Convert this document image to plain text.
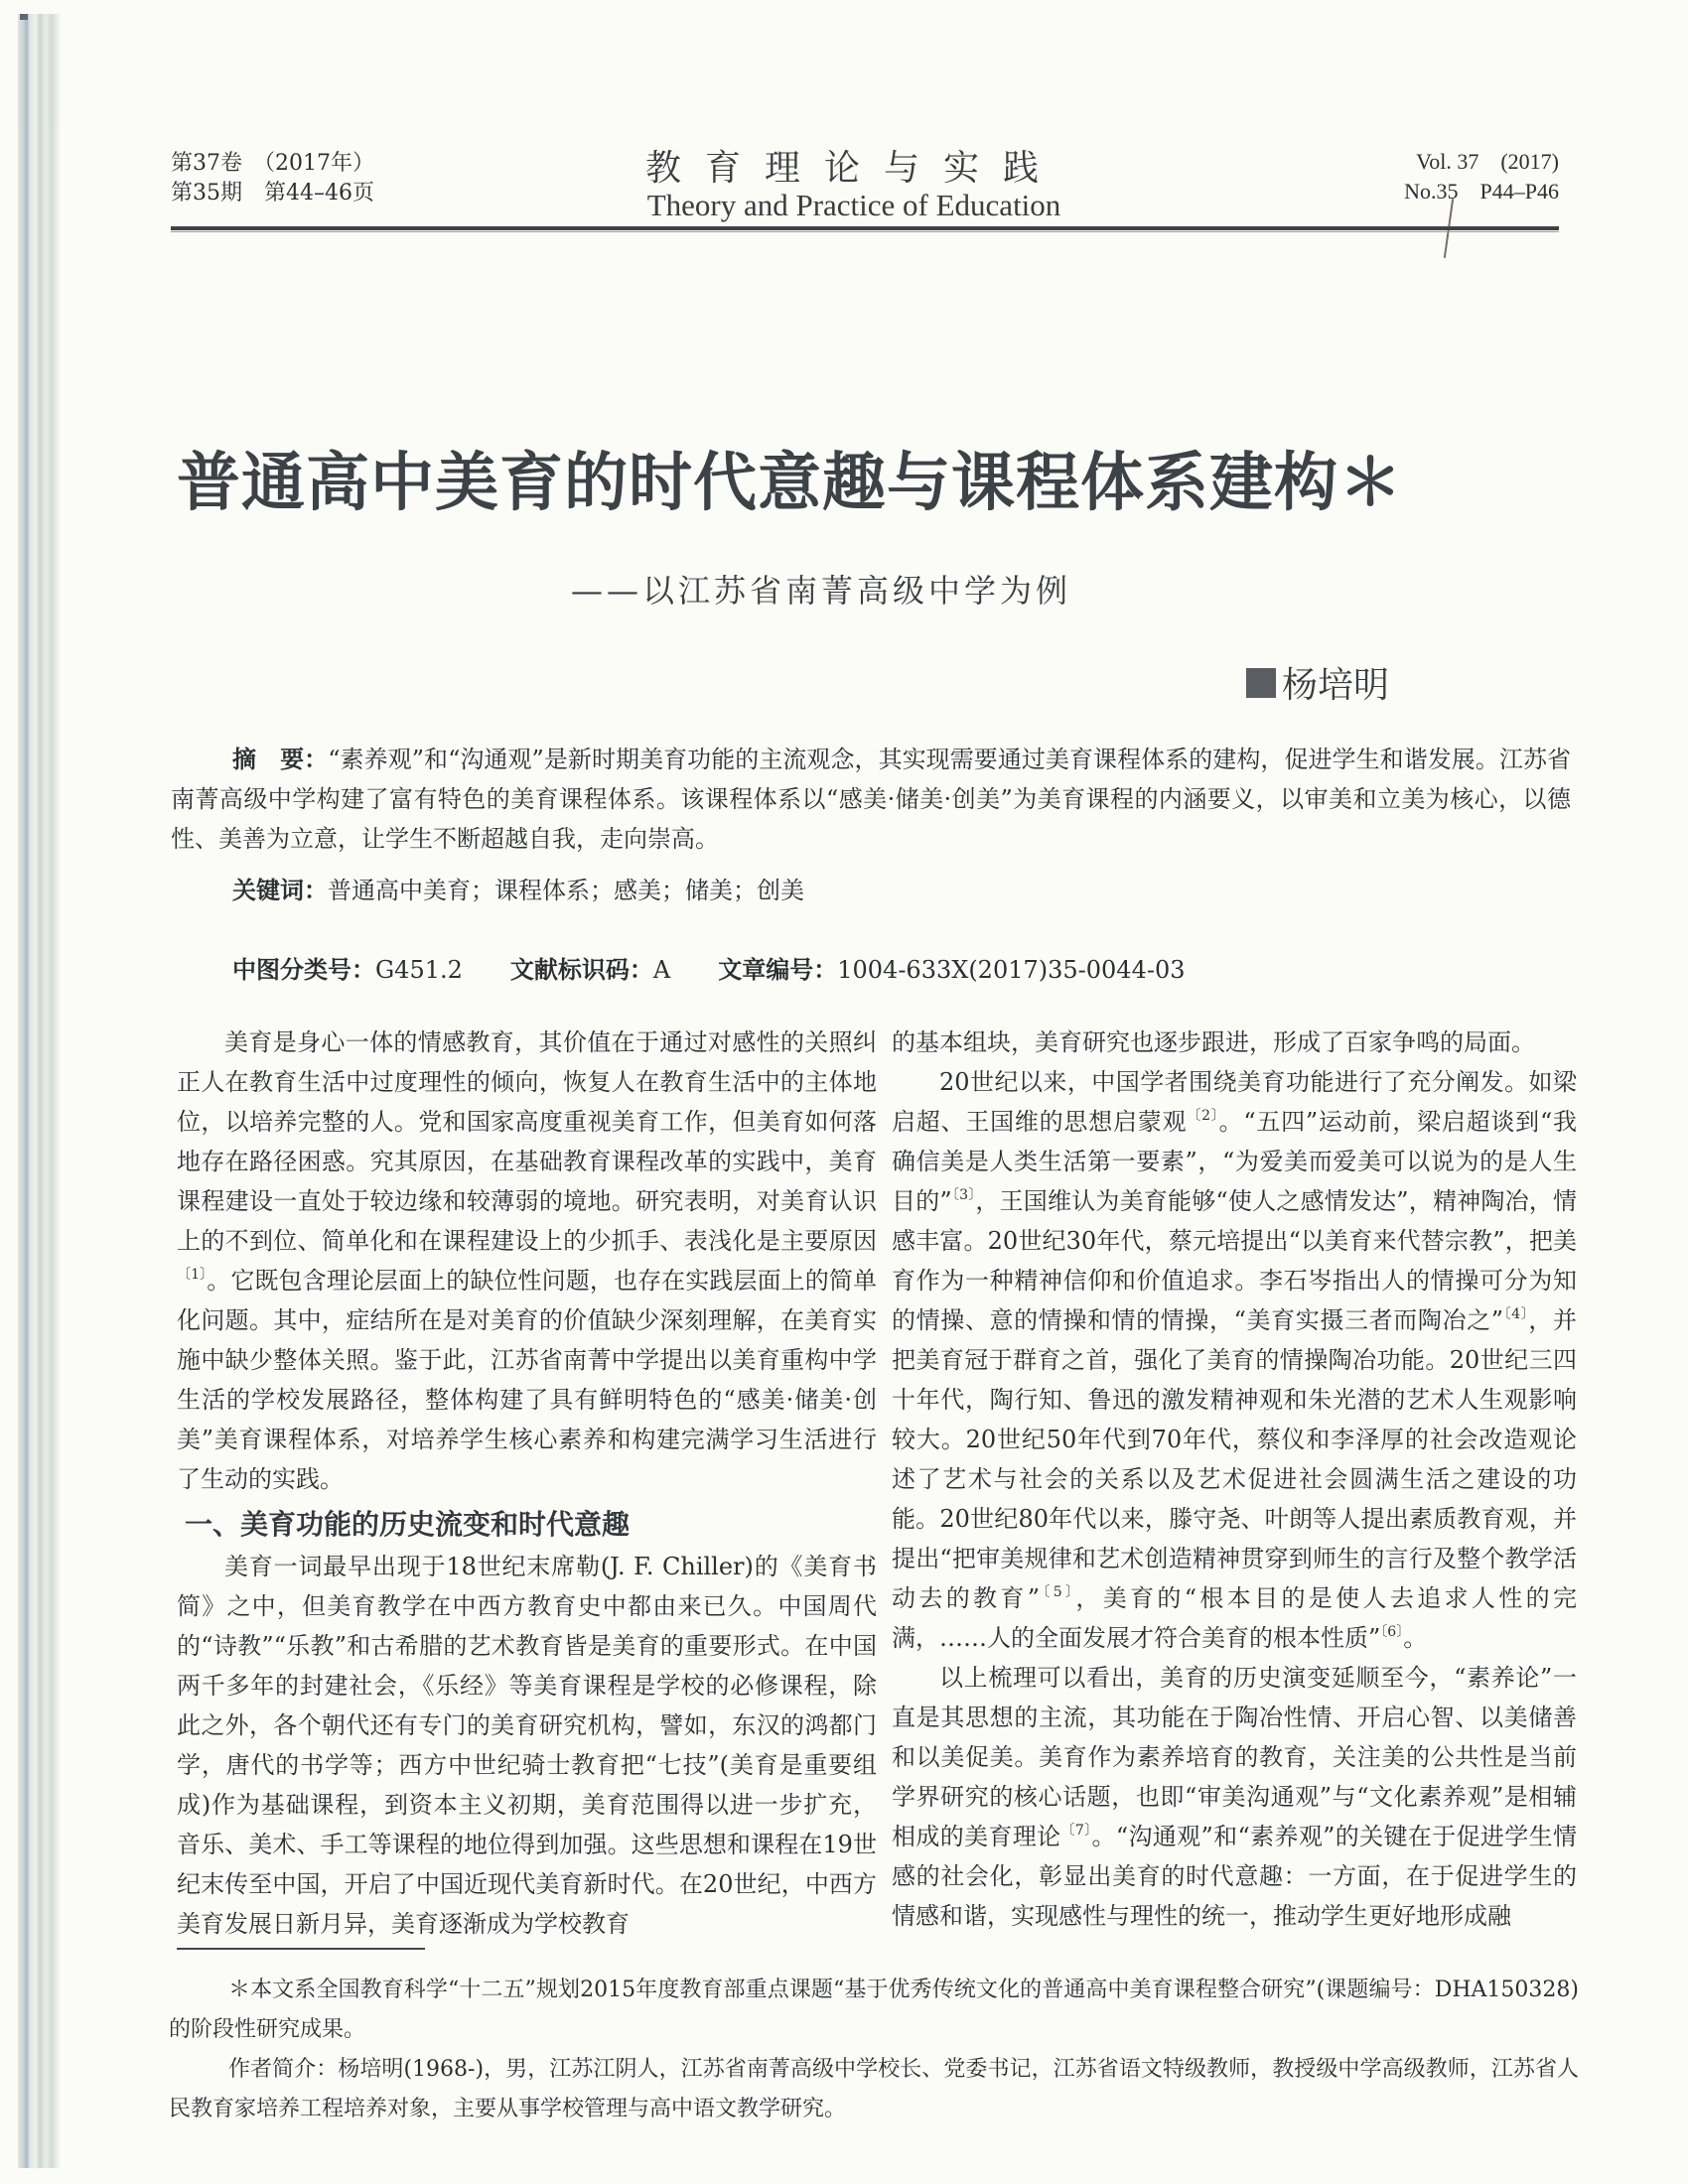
第37卷　（2017年）
第35期　第44–46页
教育理论与实践
Theory and Practice of Education
Vol. 37　(2017)
No.35　P44–P46
普通高中美育的时代意趣与课程体系建构＊
——以江苏省南菁高级中学为例
杨培明
摘　要：“素养观”和“沟通观”是新时期美育功能的主流观念，其实现需要通过美育课程体系的建构，促进学生和谐发展。江苏省南菁高级中学构建了富有特色的美育课程体系。该课程体系以“感美·储美·创美”为美育课程的内涵要义，以审美和立美为核心，以德性、美善为立意，让学生不断超越自我，走向崇高。
关键词：普通高中美育；课程体系；感美；储美；创美
中图分类号：G451.2 文献标识码：A 文章编号：1004-633X(2017)35-0044-03

美育是身心一体的情感教育，其价值在于通过对感性的关照纠正人在教育生活中过度理性的倾向，恢复人在教育生活中的主体地位，以培养完整的人。党和国家高度重视美育工作，但美育如何落地存在路径困惑。究其原因，在基础教育课程改革的实践中，美育课程建设一直处于较边缘和较薄弱的境地。研究表明，对美育认识上的不到位、简单化和在课程建设上的少抓手、表浅化是主要原因$^{〔1〕}$。它既包含理论层面上的缺位性问题，也存在实践层面上的简单化问题。其中，症结所在是对美育的价值缺少深刻理解，在美育实施中缺少整体关照。鉴于此，江苏省南菁中学提出以美育重构中学生活的学校发展路径，整体构建了具有鲜明特色的“感美·储美·创美”美育课程体系，对培养学生核心素养和构建完满学习生活进行了生动的实践。

一、美育功能的历史流变和时代意趣

美育一词最早出现于18世纪末席勒(J. F. Chiller)的《美育书简》之中，但美育教学在中西方教育史中都由来已久。中国周代的“诗教”“乐教”和古希腊的艺术教育皆是美育的重要形式。在中国两千多年的封建社会，《乐经》等美育课程是学校的必修课程，除此之外，各个朝代还有专门的美育研究机构，譬如，东汉的鸿都门学，唐代的书学等；西方中世纪骑士教育把“七技”(美育是重要组成)作为基础课程，到资本主义初期，美育范围得以进一步扩充，音乐、美术、手工等课程的地位得到加强。这些思想和课程在19世纪末传至中国，开启了中国近现代美育新时代。在20世纪，中西方美育发展日新月异，美育逐渐成为学校教育

的基本组块，美育研究也逐步跟进，形成了百家争鸣的局面。

20世纪以来，中国学者围绕美育功能进行了充分阐发。如梁启超、王国维的思想启蒙观$^{〔2〕}$。“五四”运动前，梁启超谈到“我确信美是人类生活第一要素”，“为爱美而爱美可以说为的是人生目的”$^{〔3〕}$，王国维认为美育能够“使人之感情发达”，精神陶冶，情感丰富。20世纪30年代，蔡元培提出“以美育来代替宗教”，把美育作为一种精神信仰和价值追求。李石岑指出人的情操可分为知的情操、意的情操和情的情操，“美育实摄三者而陶冶之”$^{〔4〕}$，并把美育冠于群育之首，强化了美育的情操陶冶功能。20世纪三四十年代，陶行知、鲁迅的激发精神观和朱光潜的艺术人生观影响较大。20世纪50年代到70年代，蔡仪和李泽厚的社会改造观论述了艺术与社会的关系以及艺术促进社会圆满生活之建设的功能。20世纪80年代以来，滕守尧、叶朗等人提出素质教育观，并提出“把审美规律和艺术创造精神贯穿到师生的言行及整个教学活动去的教育”$^{〔5〕}$，美育的“根本目的是使人去追求人性的完满，……人的全面发展才符合美育的根本性质”$^{〔6〕}$。

以上梳理可以看出，美育的历史演变延顺至今，“素养论”一直是其思想的主流，其功能在于陶冶性情、开启心智、以美储善和以美促美。美育作为素养培育的教育，关注美的公共性是当前学界研究的核心话题，也即“审美沟通观”与“文化素养观”是相辅相成的美育理论$^{〔7〕}$。“沟通观”和“素养观”的关键在于促进学生情感的社会化，彰显出美育的时代意趣：一方面，在于促进学生的情感和谐，实现感性与理性的统一，推动学生更好地形成融

＊本文系全国教育科学“十二五”规划2015年度教育部重点课题“基于优秀传统文化的普通高中美育课程整合研究”(课题编号：DHA150328)的阶段性研究成果。

作者简介：杨培明(1968-)，男，江苏江阴人，江苏省南菁高级中学校长、党委书记，江苏省语文特级教师，教授级中学高级教师，江苏省人民教育家培养工程培养对象，主要从事学校管理与高中语文教学研究。
